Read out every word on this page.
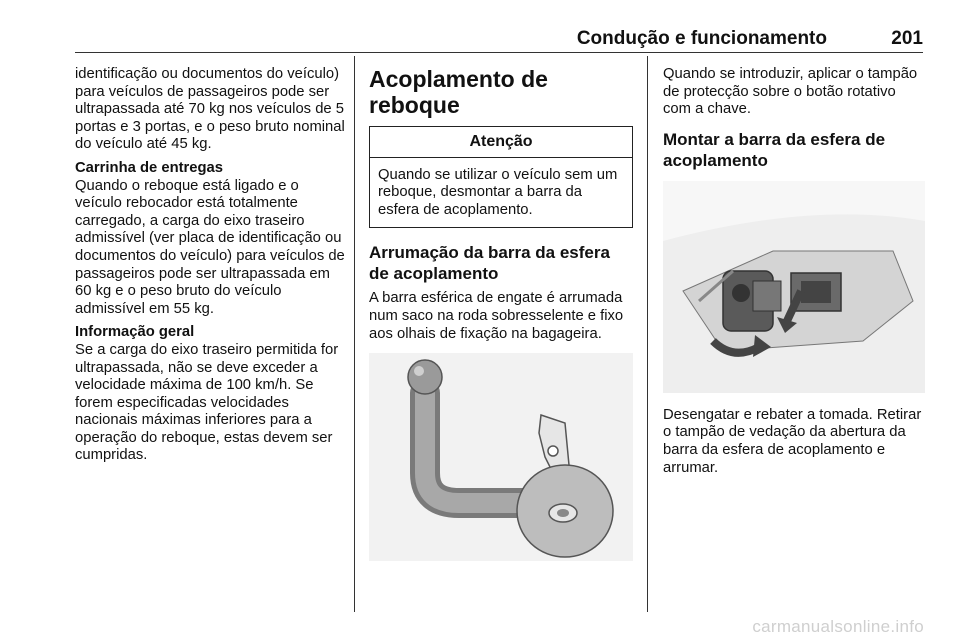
Condução e funcionamento	201

identificação ou documentos do veículo) para veículos de passageiros pode ser ultrapassada até 70 kg nos veículos de 5 portas e 3 portas, e o peso bruto nominal do veículo até 45 kg.

Carrinha de entregas

Quando o reboque está ligado e o veículo rebocador está totalmente carregado, a carga do eixo traseiro admissível (ver placa de identificação ou documentos do veículo) para veículos de passageiros pode ser ultrapassada em 60 kg e o peso bruto do veículo admissível em 55 kg.

Informação geral

Se a carga do eixo traseiro permitida for ultrapassada, não se deve exceder a velocidade máxima de 100 km/h. Se forem especificadas velocidades nacionais máximas inferiores para a operação do reboque, estas devem ser cumpridas.

Acoplamento de reboque
Atenção
Quando se utilizar o veículo sem um reboque, desmontar a barra da esfera de acoplamento.
Arrumação da barra da esfera de acoplamento

A barra esférica de engate é arrumada num saco na roda sobresselente e fixo aos olhais de fixação na bagageira.

Quando se introduzir, aplicar o tampão de protecção sobre o botão rotativo com a chave.

Montar a barra da esfera de acoplamento

Desengatar e rebater a tomada. Retirar o tampão de vedação da abertura da barra da esfera de acoplamento e arrumar.

carmanualsonline.info
